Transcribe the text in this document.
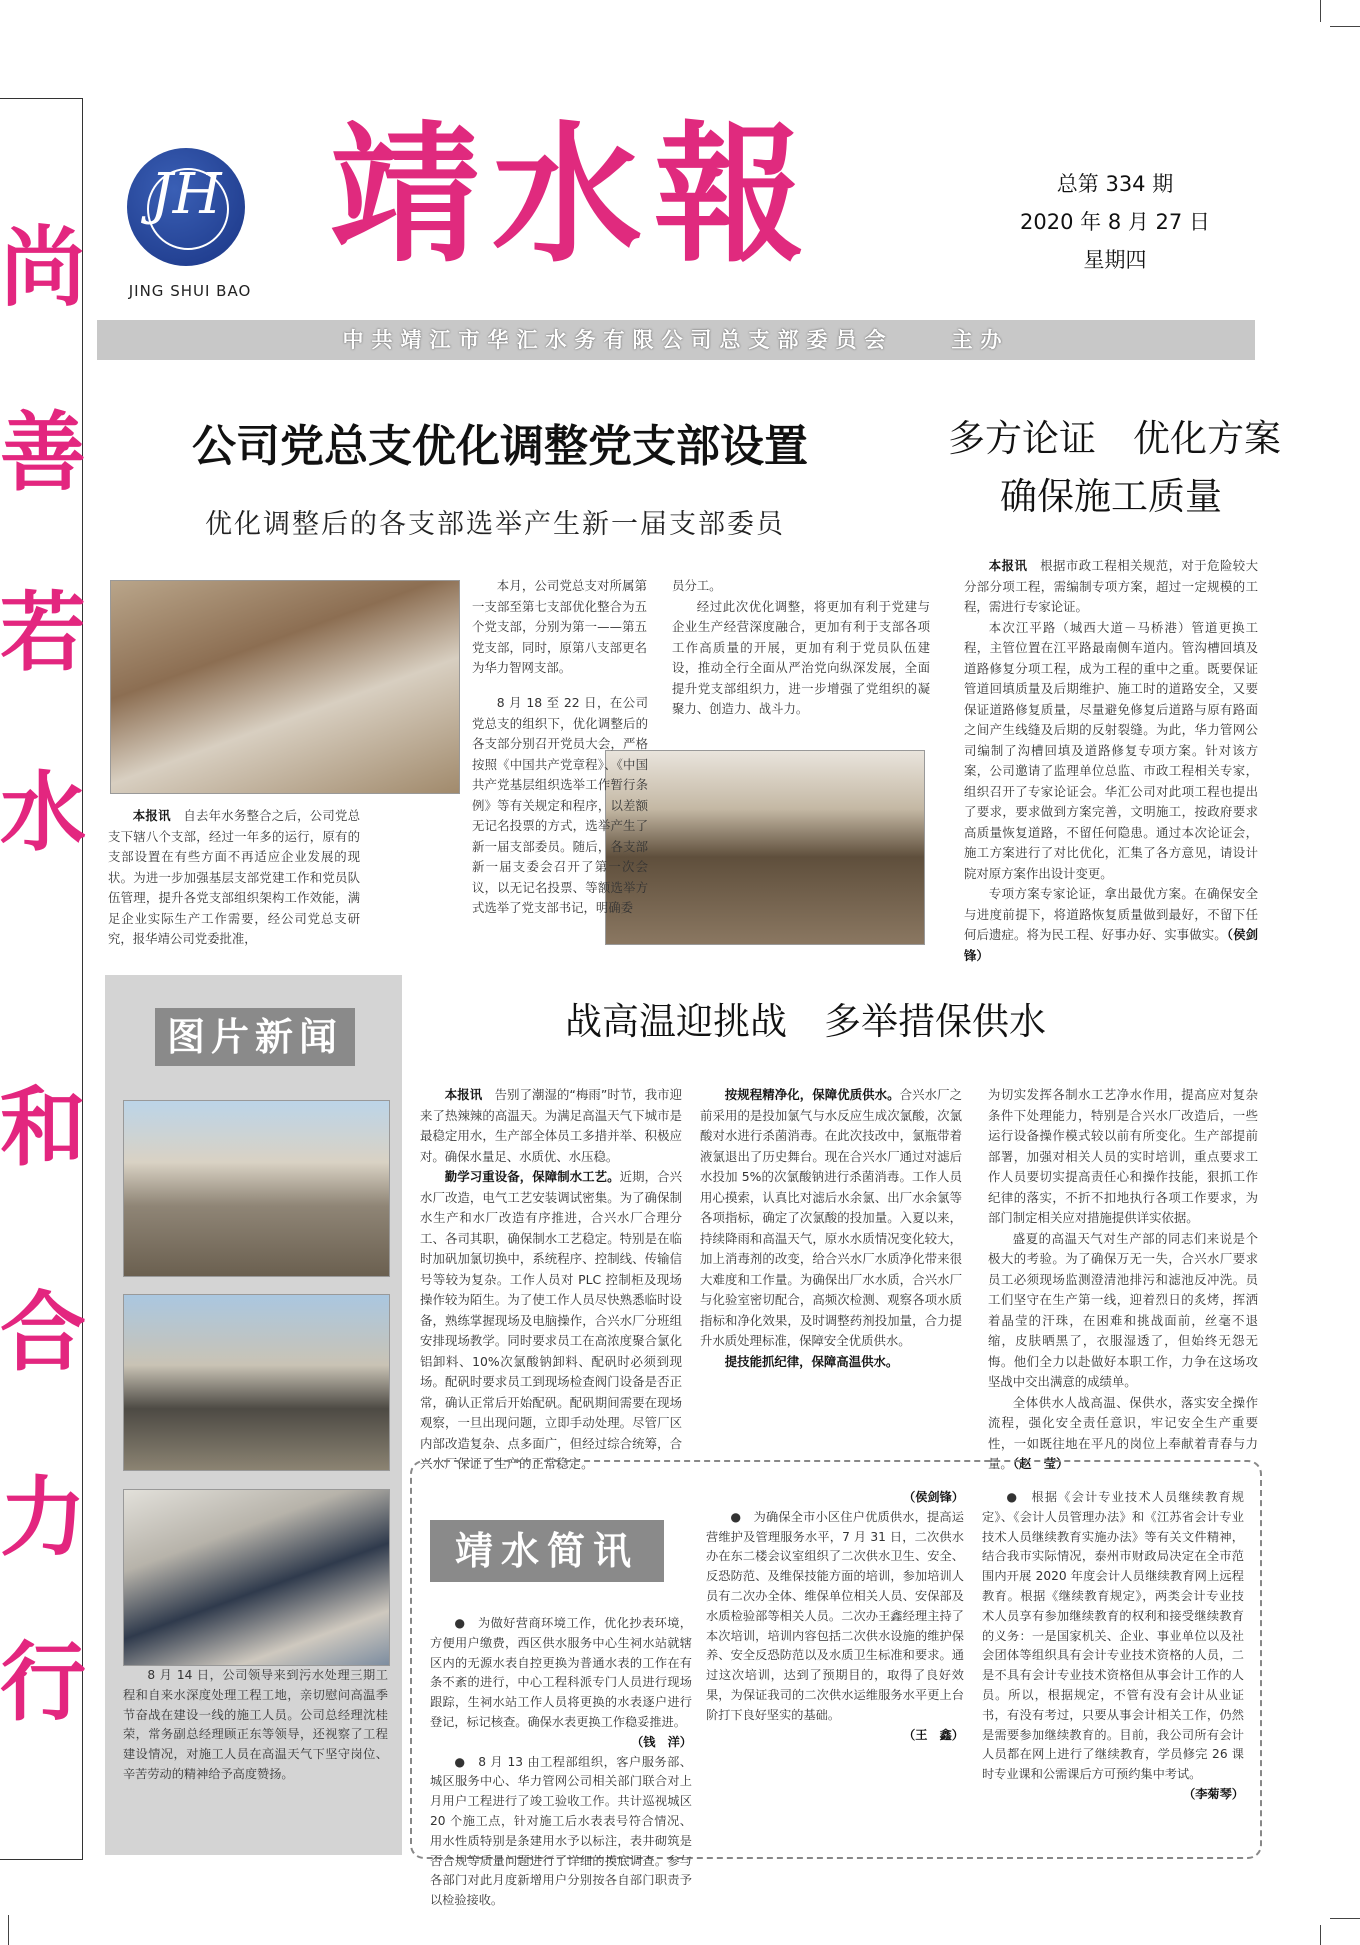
尚
善
若
水
和
合
力
行
JH
JING SHUI BAO
靖水報	总第 334 期
2020 年 8 月 27 日
星期四
中共靖江市华汇水务有限公司总支部委员会　　主办
公司党总支优化调整党支部设置
优化调整后的各支部选举产生新一届支部委员

本报讯　 自去年水务整合之后，公司党总支下辖八个支部，经过一年多的运行，原有的支部设置在有些方面不再适应企业发展的现状。为进一步加强基层支部党建工作和党员队伍管理，提升各党支部组织架构工作效能，满足企业实际生产工作需要，经公司党总支研究，报华靖公司党委批准，

本月，公司党总支对所属第一支部至第七支部优化整合为五个党支部，分别为第一——第五党支部，同时，原第八支部更名为华力智网支部。

8 月 18 至 22 日，在公司党总支的组织下，优化调整后的各支部分别召开党员大会，严格按照《中国共产党章程》、《中国共产党基层组织选举工作暂行条例》等有关规定和程序，以差额无记名投票的方式，选举产生了新一届支部委员。随后，各支部新一届支委会召开了第一次会议，以无记名投票、等额选举方式选举了党支部书记，明确委

员分工。

经过此次优化调整，将更加有利于党建与企业生产经营深度融合，更加有利于支部各项工作高质量的开展，更加有利于党员队伍建设，推动全行全面从严治党向纵深发展，全面提升党支部组织力，进一步增强了党组织的凝聚力、创造力、战斗力。

多方论证　优化方案
确保施工质量

本报讯　 根据市政工程相关规范，对于危险较大分部分项工程，需编制专项方案，超过一定规模的工程，需进行专家论证。

本次江平路（城西大道－马桥港）管道更换工程，主管位置在江平路最南侧车道内。管沟槽回填及道路修复分项工程，成为工程的重中之重。既要保证管道回填质量及后期维护、施工时的道路安全，又要保证道路修复质量，尽量避免修复后道路与原有路面之间产生线缝及后期的反射裂缝。为此，华力管网公司编制了沟槽回填及道路修复专项方案。针对该方案，公司邀请了监理单位总监、市政工程相关专家，组织召开了专家论证会。华汇公司对此项工程也提出了要求，要求做到方案完善，文明施工，按政府要求高质量恢复道路，不留任何隐患。通过本次论证会，施工方案进行了对比优化，汇集了各方意见，请设计院对原方案作出设计变更。

专项方案专家论证，拿出最优方案。在确保安全与进度前提下，将道路恢复质量做到最好，不留下任何后遗症。将为民工程、好事办好、实事做实。（侯剑锋）

图片新闻

8 月 14 日，公司领导来到污水处理三期工程和自来水深度处理工程工地，亲切慰问高温季节奋战在建设一线的施工人员。公司总经理沈桂荣，常务副总经理顾正东等领导，还视察了工程建设情况，对施工人员在高温天气下坚守岗位、辛苦劳动的精神给予高度赞扬。

战高温迎挑战　多举措保供水

本报讯　 告别了潮湿的“梅雨”时节，我市迎来了热辣辣的高温天。为满足高温天气下城市是最稳定用水，生产部全体员工多措并举、积极应对。确保水量足、水质优、水压稳。

勤学习重设备，保障制水工艺。近期，合兴水厂改造，电气工艺安装调试密集。为了确保制水生产和水厂改造有序推进，合兴水厂合理分工、各司其职，确保制水工艺稳定。特别是在临时加矾加氯切换中，系统程序、控制线、传输信号等较为复杂。工作人员对 PLC 控制柜及现场操作较为陌生。为了使工作人员尽快熟悉临时设备，熟练掌握现场及电脑操作，合兴水厂分班组安排现场教学。同时要求员工在高浓度聚合氯化铝卸料、10%次氯酸钠卸料、配矾时必须到现场。配矾时要求员工到现场检查阀门设备是否正常，确认正常后开始配矾。配矾期间需要在现场观察，一旦出现问题，立即手动处理。尽管厂区内部改造复杂、点多面广，但经过综合统筹，合兴水厂保证了生产的正常稳定。

按规程精净化，保障优质供水。合兴水厂之前采用的是投加氯气与水反应生成次氯酸，次氯酸对水进行杀菌消毒。在此次技改中，氯瓶带着液氯退出了历史舞台。现在合兴水厂通过对滤后水投加 5%的次氯酸钠进行杀菌消毒。工作人员用心摸索，认真比对滤后水余氯、出厂水余氯等各项指标，确定了次氯酸的投加量。入夏以来，持续降雨和高温天气，原水水质情况变化较大，加上消毒剂的改变，给合兴水厂水质净化带来很大难度和工作量。为确保出厂水水质，合兴水厂与化验室密切配合，高频次检测、观察各项水质指标和净化效果，及时调整药剂投加量，合力提升水质处理标准，保障安全优质供水。

提技能抓纪律，保障高温供水。

为切实发挥各制水工艺净水作用，提高应对复杂条件下处理能力，特别是合兴水厂改造后，一些运行设备操作模式较以前有所变化。生产部提前部署，加强对相关人员的实时培训，重点要求工作人员要切实提高责任心和操作技能，狠抓工作纪律的落实，不折不扣地执行各项工作要求，为部门制定相关应对措施提供详实依据。

盛夏的高温天气对生产部的同志们来说是个极大的考验。为了确保万无一失，合兴水厂要求员工必须现场监测澄清池排污和滤池反冲洗。员工们坚守在生产第一线，迎着烈日的炙烤，挥洒着晶莹的汗珠，在困难和挑战面前，丝毫不退缩，皮肤晒黑了，衣服湿透了，但始终无怨无悔。他们全力以赴做好本职工作，力争在这场攻坚战中交出满意的成绩单。

全体供水人战高温、保供水，落实安全操作流程，强化安全责任意识，牢记安全生产重要性，一如既往地在平凡的岗位上奉献着青春与力量。（赵　莹）

靖水简讯

●　为做好营商环境工作，优化抄表环境，方便用户缴费，西区供水服务中心生祠水站就辖区内的无源水表自控更换为普通水表的工作在有条不紊的进行，中心工程科派专门人员进行现场跟踪，生祠水站工作人员将更换的水表逐户进行登记，标记核查。确保水表更换工作稳妥推进。

（钱　洋）

●　8 月 13 由工程部组织，客户服务部、城区服务中心、华力管网公司相关部门联合对上月用户工程进行了竣工验收工作。共计巡视城区 20 个施工点，针对施工后水表表号符合情况、用水性质特别是条建用水予以标注，表井砌筑是否合规等质量问题进行了详细的摸底调查。参与各部门对此月度新增用户分别按各自部门职责予以检验接收。

（侯剑锋）

●　为确保全市小区住户优质供水，提高运营维护及管理服务水平，7 月 31 日，二次供水办在东二楼会议室组织了二次供水卫生、安全、反恐防范、及维保技能方面的培训，参加培训人员有二次办全体、维保单位相关人员、安保部及水质检验部等相关人员。二次办王鑫经理主持了本次培训，培训内容包括二次供水设施的维护保养、安全反恐防范以及水质卫生标准和要求。通过这次培训，达到了预期目的，取得了良好效果，为保证我司的二次供水运维服务水平更上台阶打下良好坚实的基础。

（王　鑫）

●　根据《会计专业技术人员继续教育规定》、《会计人员管理办法》和《江苏省会计专业技术人员继续教育实施办法》等有关文件精神，结合我市实际情况，泰州市财政局决定在全市范围内开展 2020 年度会计人员继续教育网上远程教育。根据《继续教育规定》，两类会计专业技术人员享有参加继续教育的权利和接受继续教育的义务：一是国家机关、企业、事业单位以及社会团体等组织具有会计专业技术资格的人员，二是不具有会计专业技术资格但从事会计工作的人员。所以，根据规定，不管有没有会计从业证书，有没有考过，只要从事会计相关工作，仍然是需要参加继续教育的。目前，我公司所有会计人员都在网上进行了继续教育，学员修完 26 课时专业课和公需课后方可预约集中考试。

（李菊琴）
